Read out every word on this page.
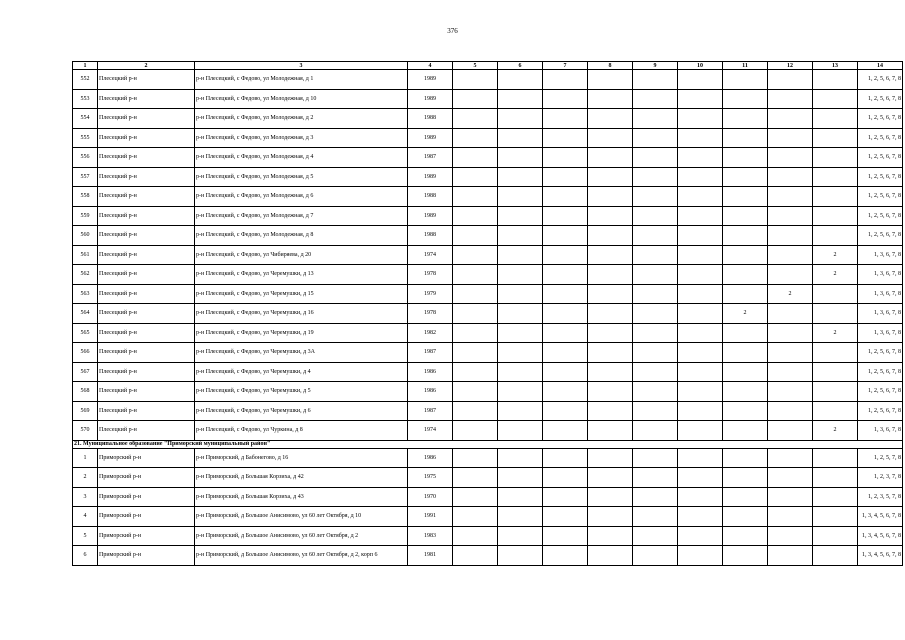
376
1	2	3	4	5	6	7	8	9	10	11	12	13	14
552	Плесецкий р-н	р-н Плесецкий, с Федово, ул Молодежная, д 1	1989										1, 2, 5, 6, 7, 8
553	Плесецкий р-н	р-н Плесецкий, с Федово, ул Молодежная, д 10	1989										1, 2, 5, 6, 7, 8
554	Плесецкий р-н	р-н Плесецкий, с Федово, ул Молодежная, д 2	1988										1, 2, 5, 6, 7, 8
555	Плесецкий р-н	р-н Плесецкий, с Федово, ул Молодежная, д 3	1989										1, 2, 5, 6, 7, 8
556	Плесецкий р-н	р-н Плесецкий, с Федово, ул Молодежная, д 4	1987										1, 2, 5, 6, 7, 8
557	Плесецкий р-н	р-н Плесецкий, с Федово, ул Молодежная, д 5	1989										1, 2, 5, 6, 7, 8
558	Плесецкий р-н	р-н Плесецкий, с Федово, ул Молодежная, д 6	1988										1, 2, 5, 6, 7, 8
559	Плесецкий р-н	р-н Плесецкий, с Федово, ул Молодежная, д 7	1989										1, 2, 5, 6, 7, 8
560	Плесецкий р-н	р-н Плесецкий, с Федово, ул Молодежная, д 8	1988										1, 2, 5, 6, 7, 8
561	Плесецкий р-н	р-н Плесецкий, с Федово, ул Чибиряева, д 20	1974									2	1, 3, 6, 7, 8
562	Плесецкий р-н	р-н Плесецкий, с Федово, ул Черемушки, д 13	1978									2	1, 3, 6, 7, 8
563	Плесецкий р-н	р-н Плесецкий, с Федово, ул Черемушки, д 15	1979								2		1, 3, 6, 7, 8
564	Плесецкий р-н	р-н Плесецкий, с Федово, ул Черемушки, д 16	1978							2			1, 3, 6, 7, 8
565	Плесецкий р-н	р-н Плесецкий, с Федово, ул Черемушки, д 19	1982									2	1, 3, 6, 7, 8
566	Плесецкий р-н	р-н Плесецкий, с Федово, ул Черемушки, д 3А	1987										1, 2, 5, 6, 7, 8
567	Плесецкий р-н	р-н Плесецкий, с Федово, ул Черемушки, д 4	1986										1, 2, 5, 6, 7, 8
568	Плесецкий р-н	р-н Плесецкий, с Федово, ул Черемушки, д 5	1986										1, 2, 5, 6, 7, 8
569	Плесецкий р-н	р-н Плесецкий, с Федово, ул Черемушки, д 6	1987										1, 2, 5, 6, 7, 8
570	Плесецкий р-н	р-н Плесецкий, с Федово, ул Чуркина, д 8	1974									2	1, 3, 6, 7, 8
21. Муниципальное образование "Приморский муниципальный район"													
1	Приморский р-н	р-н Приморский, д Бабонегово, д 16	1986										1, 2, 5, 7, 8
2	Приморский р-н	р-н Приморский, д Большая Корзиха, д 42	1975										1, 2, 3, 7, 8
3	Приморский р-н	р-н Приморский, д Большая Корзиха, д 43	1970										1, 2, 3, 5, 7, 8
4	Приморский р-н	р-н Приморский, д Большое Анисимово, ул 60 лет Октября, д 10	1991										1, 3, 4, 5, 6, 7, 8
5	Приморский р-н	р-н Приморский, д Большое Анисимово, ул 60 лет Октября, д 2	1983										1, 3, 4, 5, 6, 7, 8
6	Приморский р-н	р-н Приморский, д Большое Анисимово, ул 60 лет Октября, д 2, корп 6	1981										1, 3, 4, 5, 6, 7, 8
